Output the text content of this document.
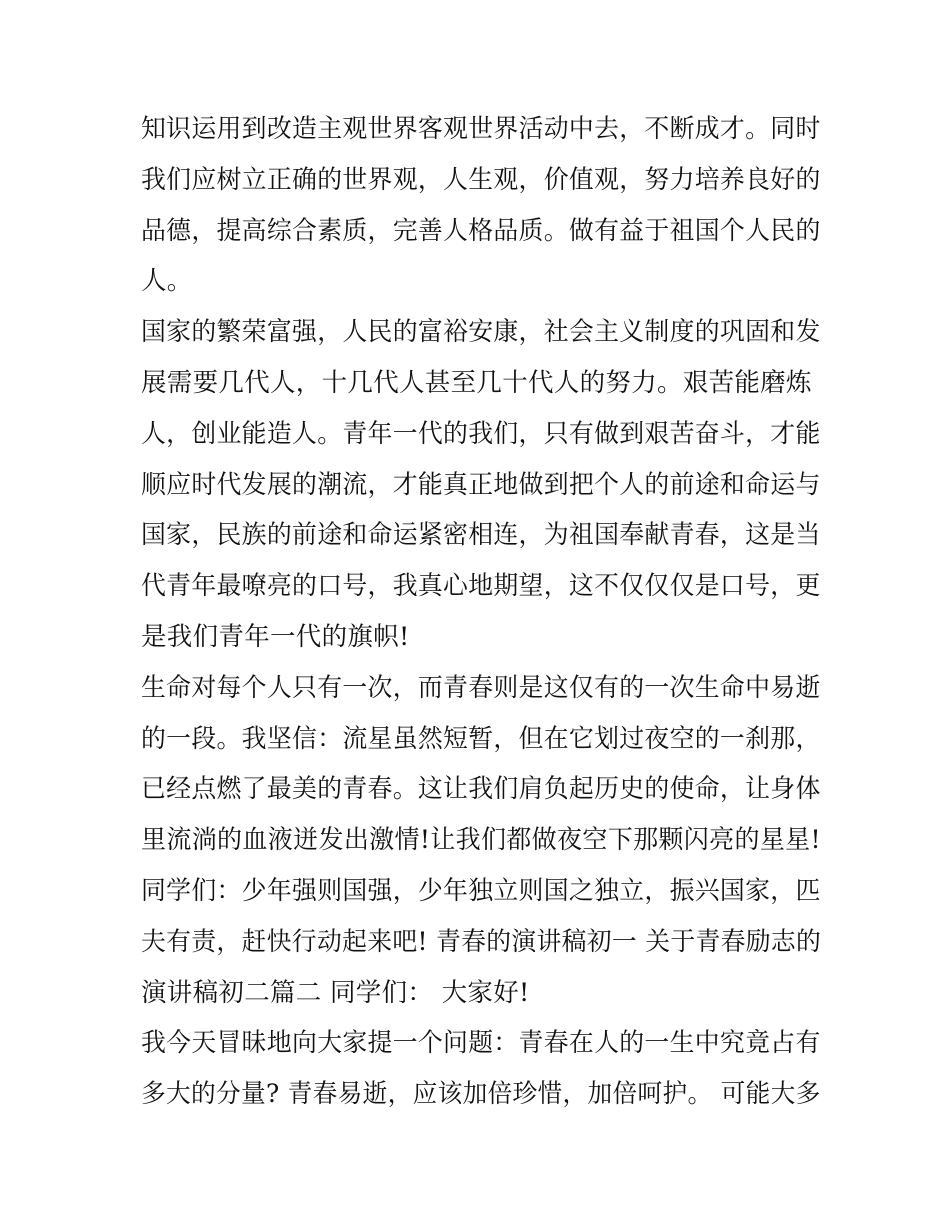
知识运用到改造主观世界客观世界活动中去，不断成才。同时
我们应树立正确的世界观，人生观，价值观，努力培养良好的
品德，提高综合素质，完善人格品质。做有益于祖国个人民的
人。
国家的繁荣富强，人民的富裕安康，社会主义制度的巩固和发
展需要几代人，十几代人甚至几十代人的努力。艰苦能磨炼
人，创业能造人。青年一代的我们，只有做到艰苦奋斗，才能
顺应时代发展的潮流，才能真正地做到把个人的前途和命运与
国家，民族的前途和命运紧密相连，为祖国奉献青春，这是当
代青年最嘹亮的口号，我真心地期望，这不仅仅仅是口号，更
是我们青年一代的旗帜!
生命对每个人只有一次，而青春则是这仅有的一次生命中易逝
的一段。我坚信：流星虽然短暂，但在它划过夜空的一刹那，
已经点燃了最美的青春。这让我们肩负起历史的使命，让身体
里流淌的血液迸发出激情!让我们都做夜空下那颗闪亮的星星!
同学们：少年强则国强，少年独立则国之独立，振兴国家，匹
夫有责，赶快行动起来吧! 青春的演讲稿初一 关于青春励志的
演讲稿初二篇二 同学们： 大家好!
我今天冒昧地向大家提一个问题：青春在人的一生中究竟占有
多大的分量? 青春易逝，应该加倍珍惜，加倍呵护。 可能大多
